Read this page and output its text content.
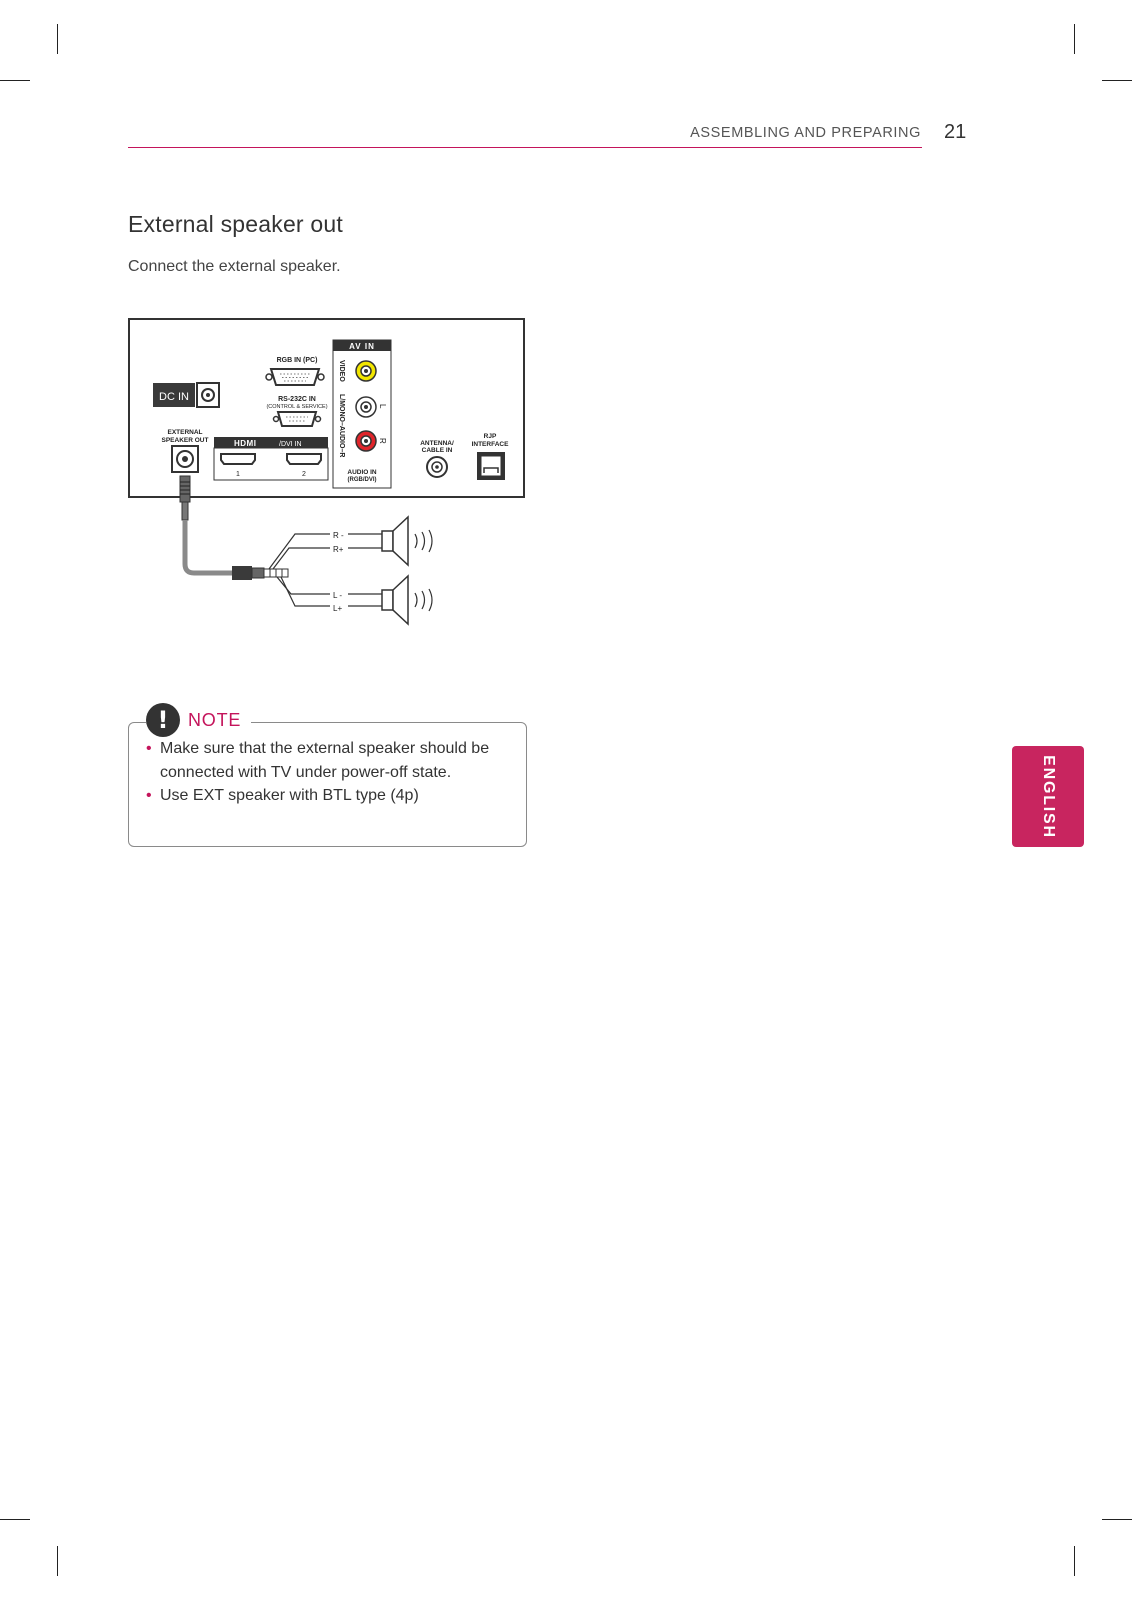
ASSEMBLING AND PREPARING 21
External speaker out
Connect the external speaker.
DC IN
RGB IN (PC)
RS-232C IN
(CONTROL & SERVICE)
EXTERNAL
SPEAKER OUT	HDMI	/DVI IN
1	2
AV IN
VIDEO
L/MONO–AUDIO–R	L
R
AUDIO IN
(RGB/DVI)
ANTENNA/
CABLE IN
RJP
INTERFACE
R -
R+
L -
L+
!	NOTE
• Make sure that the external speaker should be connected with TV under power-off state.
• Use EXT speaker with BTL type (4p)	ENGLISH
